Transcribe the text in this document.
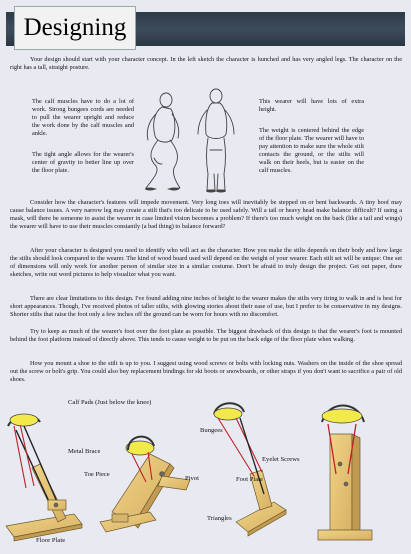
Designing

Your design should start with your character concept. In the left sketch the character is hunched and has very angled legs. The character on the right has a tall, straight posture.

The calf muscles have to do a lot of work. Strong bungees cords are needed to pull the wearer upright and reduce the work done by the calf muscles and ankle.

The tight angle allows for the wearer's center of gravity to better line up over the floor plate.

This wearer will have lots of extra height.

The weight is centered behind the edge of the floor plate. The wearer will have to pay attention to make sure the whole stilt contacts the ground, or the stilts will walk on their heels, but is easier on the calf muscles.

Consider how the character's features will impede movement. Very long toes will inevitably be stepped on or bent backwards. A tiny hoof may cause balance issues. A very narrow leg may create a stilt that's too delicate to be used safely. Will a tail or heavy head make balance difficult? If using a mask, will there be someone to assist the wearer in case limited vision becomes a problem? If there's too much weight on the back (like a tail and wings) the wearer will have to use their muscles constantly (a bad thing) to balance forward?

After your character is designed you need to identify who will act as the character. How you make the stilts depends on their body and how large the stilts should look compared to the wearer. The kind of wood board used will depend on the weight of your wearer. Each stilt set will be unique: One set of dimensions will only work for another person of similar size in a similar costume. Don't be afraid to truly design the project. Get out paper, draw sketches, write out word pictures to help visualize what you want.

There are clear limitations to this design. I've found adding nine inches of height to the wearer makes the stilts very tiring to walk in and is best for short appearances. Though, I've received photos of taller stilts, with glowing stories about their ease of use, but I prefer to be conservative in my designs. Shorter stilts that raise the foot only a few inches off the ground can be worn for hours with no discomfort.

Try to keep as much of the wearer's foot over the foot plate as possible. The biggest drawback of this design is that the wearer's foot is mounted behind the foot platform instead of directly above. This tends to cause weight to be put on the back edge of the floor plate when walking.

How you mount a shoe to the stilt is up to you. I suggest using wood screws or bolts with locking nuts. Washers on the inside of the shoe spread out the screw or bolt's grip. You could also buy replacement bindings for ski boots or snowboards, or other straps if you don't want to sacrifice a pair of old shoes.

Calf Pads (Just below the knee)
Metal Brace
Toe Piece
Pivot
Bungees
Eyelet Screws
Foot Plate
Triangles
Floor Plate
